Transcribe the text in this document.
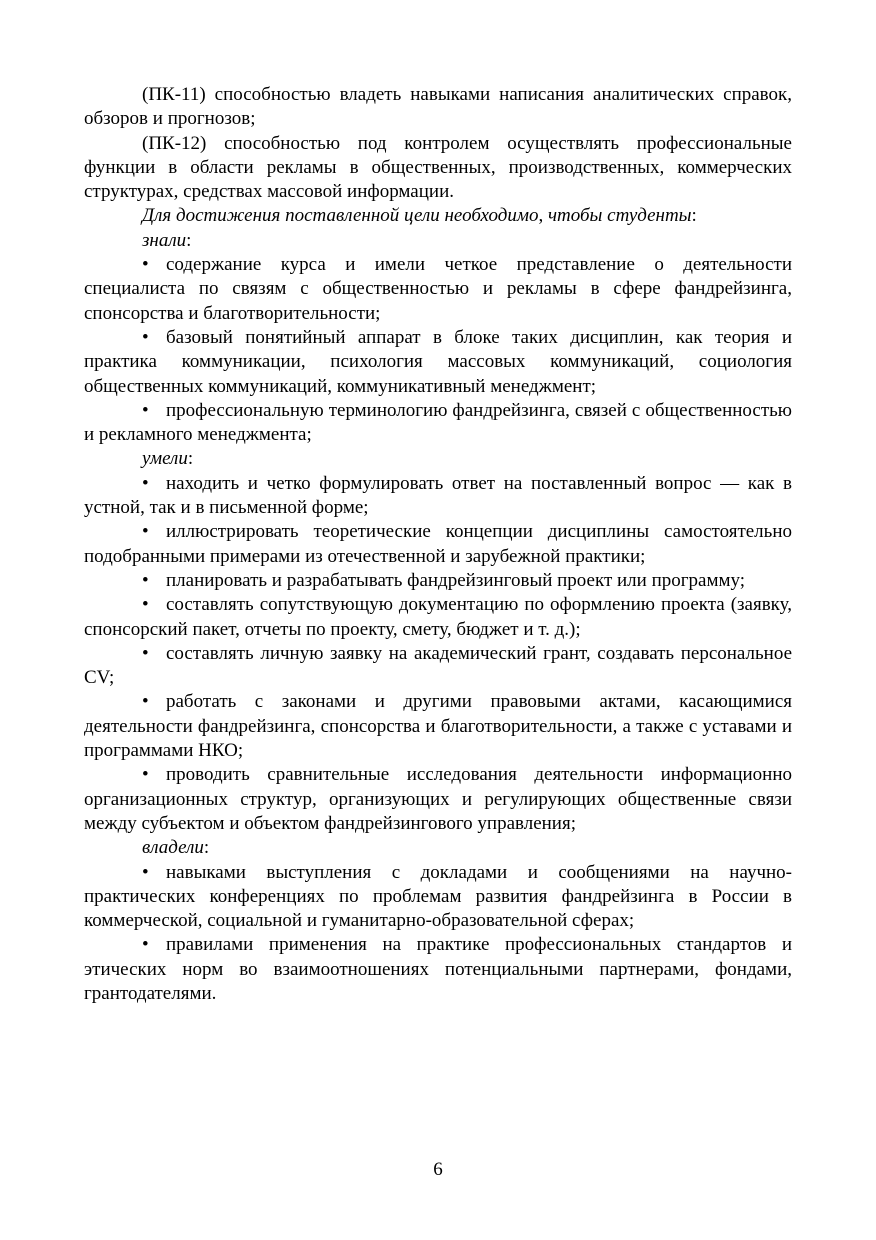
(ПК-11) способностью владеть навыками написания аналитических справок, обзоров и прогнозов;

(ПК-12) способностью под контролем осуществлять профессиональные функции в области рекламы в общественных, производственных, коммерческих структурах, средствах массовой информации.

Для достижения поставленной цели необходимо, чтобы студенты:

знали:

• содержание курса и имели четкое представление о деятельности специалиста по связям с общественностью и рекламы в сфере фандрейзинга, спонсорства и благотворительности;

• базовый понятийный аппарат в блоке таких дисциплин, как теория и практика коммуникации, психология массовых коммуникаций, социология общественных коммуникаций, коммуникативный менеджмент;

• профессиональную терминологию фандрейзинга, связей с общественностью и рекламного менеджмента;

умели:

• находить и четко формулировать ответ на поставленный вопрос — как в устной, так и в письменной форме;

• иллюстрировать теоретические концепции дисциплины самостоятельно подобранными примерами из отечественной и зарубежной практики;

• планировать и разрабатывать фандрейзинговый проект или программу;

• составлять сопутствующую документацию по оформлению проекта (заявку, спонсорский пакет, отчеты по проекту, смету, бюджет и т. д.);

• составлять личную заявку на академический грант, создавать персональное CV;

• работать с законами и другими правовыми актами, касающимися деятельности фандрейзинга, спонсорства и благотворительности, а также с уставами и программами НКО;

• проводить сравнительные исследования деятельности информационно организационных структур, организующих и регулирующих общественные связи между субъектом и объектом фандрейзингового управления;

владели:

• навыками выступления с докладами и сообщениями на научно-практических конференциях по проблемам развития фандрейзинга в России в коммерческой, социальной и гуманитарно-образовательной сферах;

• правилами применения на практике профессиональных стандартов и этических норм во взаимоотношениях потенциальными партнерами, фондами, грантодателями.

6
